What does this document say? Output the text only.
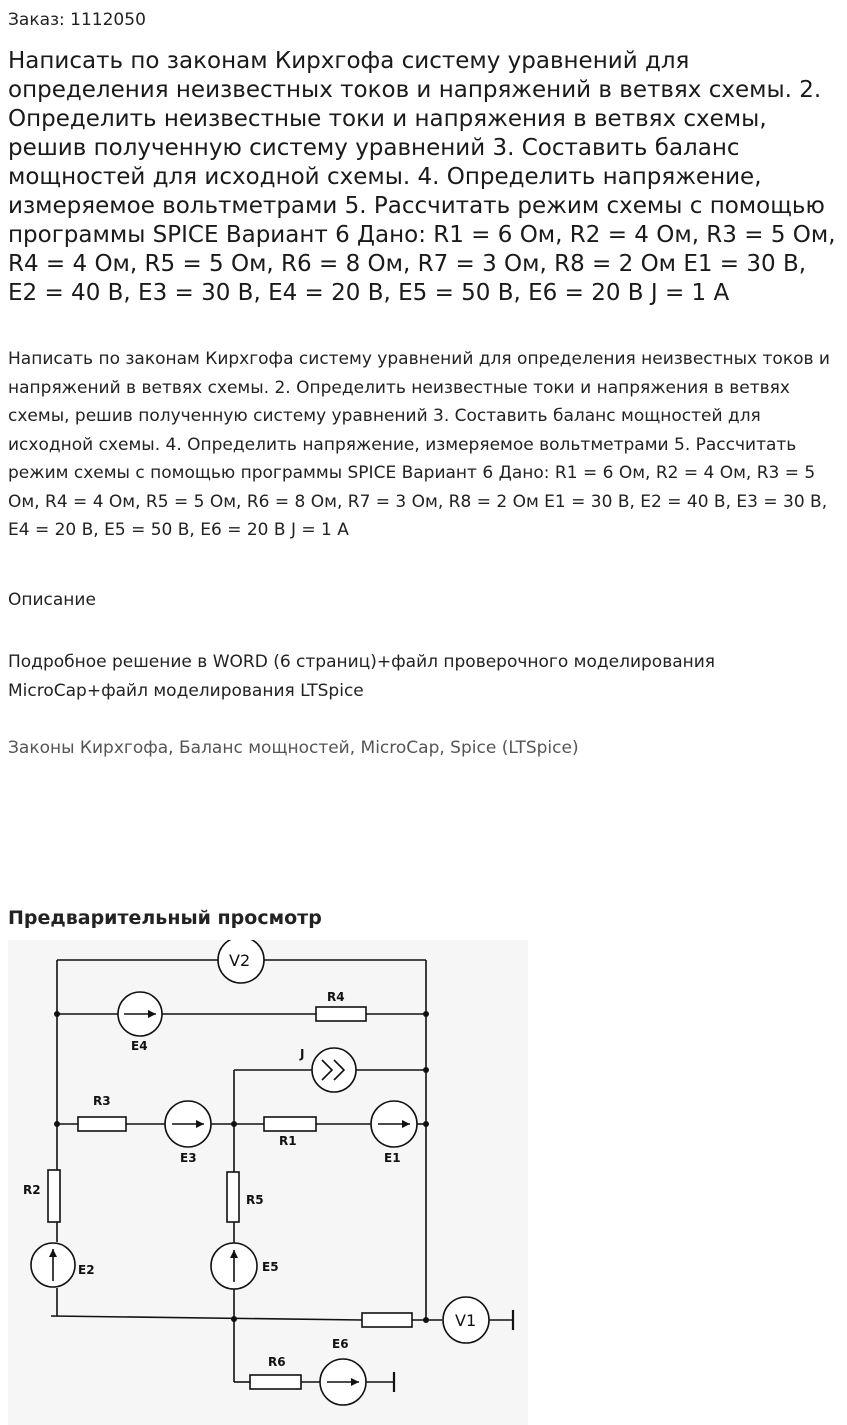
Заказ: 1112050
Написать по законам Кирхгофа систему уравнений для определения неизвестных токов и напряжений в ветвях схемы. 2. Определить неизвестные токи и напряжения в ветвях схемы, решив полученную систему уравнений 3. Составить баланс мощностей для исходной схемы. 4. Определить напряжение, измеряемое вольтметрами 5. Рассчитать режим схемы с помощью программы SPICE Вариант 6 Дано: R1 = 6 Ом, R2 = 4 Ом, R3 = 5 Ом, R4 = 4 Ом, R5 = 5 Ом, R6 = 8 Ом, R7 = 3 Ом, R8 = 2 Ом E1 = 30 В, E2 = 40 В, E3 = 30 В, E4 = 20 В, E5 = 50 В, E6 = 20 В J = 1 А

Написать по законам Кирхгофа систему уравнений для определения неизвестных токов и напряжений в ветвях схемы. 2. Определить неизвестные токи и напряжения в ветвях схемы, решив полученную систему уравнений 3. Составить баланс мощностей для исходной схемы. 4. Определить напряжение, измеряемое вольтметрами 5. Рассчитать режим схемы с помощью программы SPICE Вариант 6 Дано: R1 = 6 Ом, R2 = 4 Ом, R3 = 5 Ом, R4 = 4 Ом, R5 = 5 Ом, R6 = 8 Ом, R7 = 3 Ом, R8 = 2 Ом E1 = 30 В, E2 = 40 В, E3 = 30 В, E4 = 20 В, E5 = 50 В, E6 = 20 В J = 1 А

Описание

Подробное решение в WORD (6 страниц)+файл проверочного моделирования MicroCap+файл моделирования LTSpice

Законы Кирхгофа, Баланс мощностей, MicroCap, Spice (LTSpice)
Предварительный просмотр
V2
V1
R4
E4
J
R3
E3
R1
E1
R2
R5
E2	E5
E6
R6
